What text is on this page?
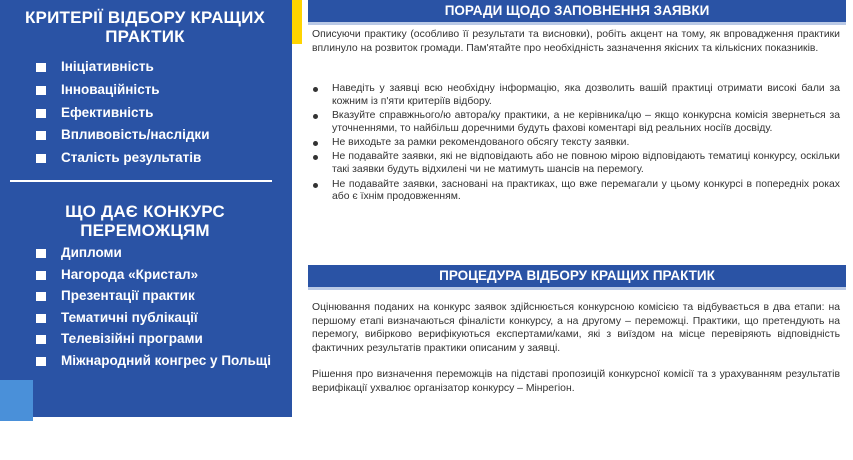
КРИТЕРІЇ ВІДБОРУ КРАЩИХ ПРАКТИК
Ініціативність
Інноваційність
Ефективність
Впливовість/наслідки
Сталість результатів
ЩО ДАЄ КОНКУРС ПЕРЕМОЖЦЯМ
Дипломи
Нагорода «Кристал»
Презентації практик
Тематичні публікації
Телевізійні програми
Міжнародний конгрес у Польщі
ПОРАДИ ЩОДО ЗАПОВНЕННЯ ЗАЯВКИ

Описуючи практику (особливо її результати та висновки), робіть акцент на тому, як впровадження практики вплинуло на розвиток громади. Пам'ятайте про необхідність зазначення якісних та кількісних показників.

Наведіть у заявці всю необхідну інформацію, яка дозволить вашій практиці отримати високі бали за кожним із п'яти критеріїв відбору.
Вказуйте справжнього/ю автора/ку практики, а не керівника/цю – якщо конкурсна комісія звернеться за уточненнями, то найбільш доречними будуть фахові коментарі від реальних носіїв досвіду.
Не виходьте за рамки рекомендованого обсягу тексту заявки.
Не подавайте заявки, які не відповідають або не повною мірою відповідають тематиці конкурсу, оскільки такі заявки будуть відхилені чи не матимуть шансів на перемогу.
Не подавайте заявки, засновані на практиках, що вже перемагали у цьому конкурсі в попередніх роках або є їхнім продовженням.
ПРОЦЕДУРА ВІДБОРУ КРАЩИХ ПРАКТИК

Оцінювання поданих на конкурс заявок здійснюється конкурсною комісією та відбувається в два етапи: на першому етапі визначаються фіналісти конкурсу, а на другому – переможці. Практики, що претендують на перемогу, вибірково верифікуються експертами/ками, які з виїздом на місце перевіряють відповідність фактичних результатів практики описаним у заявці.

Рішення про визначення переможців на підставі пропозицій конкурсної комісії та з урахуванням результатів верифікації ухвалює організатор конкурсу – Мінрегіон.
